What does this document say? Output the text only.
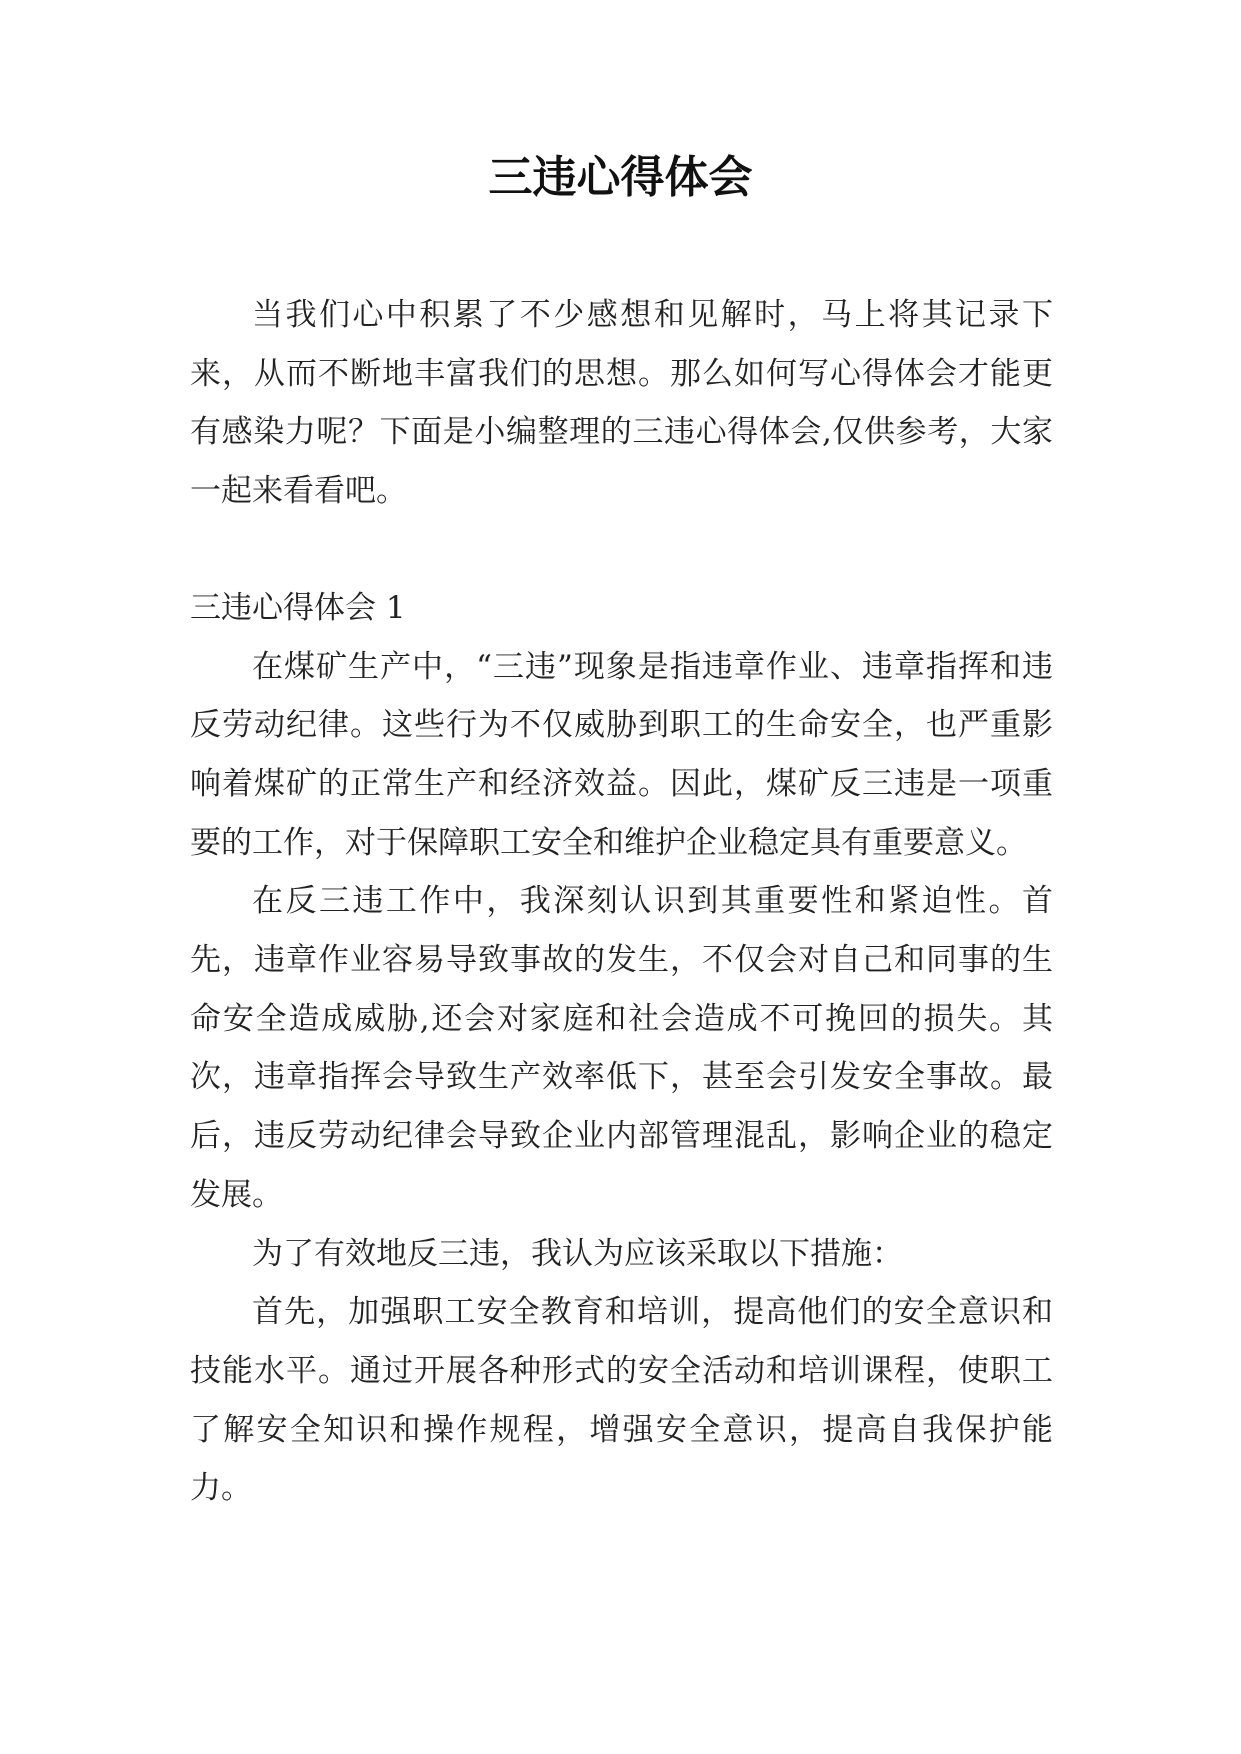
三违心得体会

当我们心中积累了不少感想和见解时，马上将其记录下来，从而不断地丰富我们的思想。那么如何写心得体会才能更有感染力呢？下面是小编整理的三违心得体会,仅供参考，大家一起来看看吧。

三违心得体会 1

在煤矿生产中，“三违”现象是指违章作业、违章指挥和违反劳动纪律。这些行为不仅威胁到职工的生命安全，也严重影响着煤矿的正常生产和经济效益。因此，煤矿反三违是一项重要的工作，对于保障职工安全和维护企业稳定具有重要意义。

在反三违工作中，我深刻认识到其重要性和紧迫性。首先，违章作业容易导致事故的发生，不仅会对自己和同事的生命安全造成威胁,还会对家庭和社会造成不可挽回的损失。其次，违章指挥会导致生产效率低下，甚至会引发安全事故。最后，违反劳动纪律会导致企业内部管理混乱，影响企业的稳定发展。

为了有效地反三违，我认为应该采取以下措施：

首先，加强职工安全教育和培训，提高他们的安全意识和技能水平。通过开展各种形式的安全活动和培训课程，使职工了解安全知识和操作规程，增强安全意识，提高自我保护能力。
